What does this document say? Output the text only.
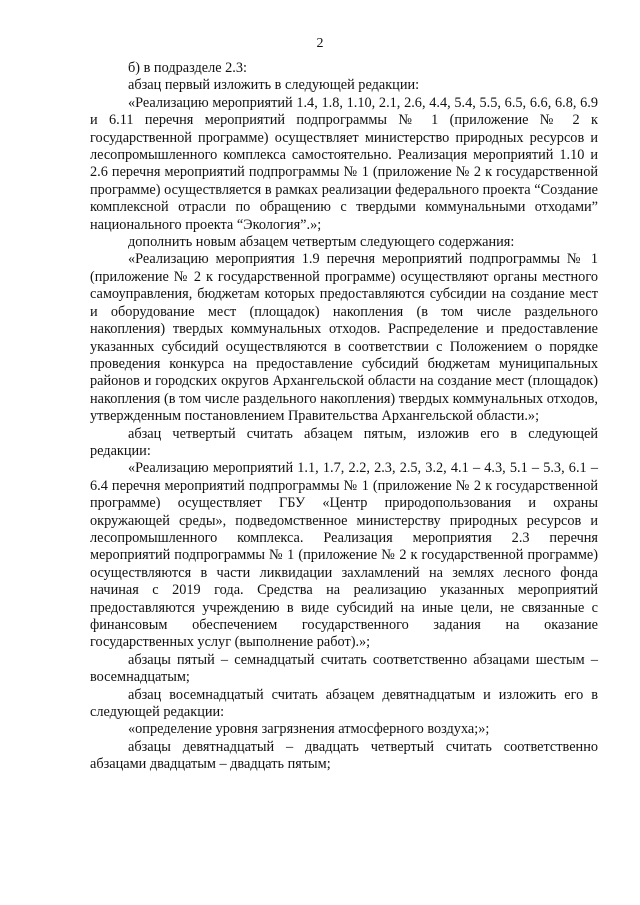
2

б) в подразделе 2.3:

абзац первый изложить в следующей редакции:

«Реализацию мероприятий 1.4, 1.8, 1.10, 2.1, 2.6, 4.4, 5.4, 5.5, 6.5, 6.6, 6.8, 6.9 и 6.11 перечня мероприятий подпрограммы № 1 (приложение № 2 к государственной программе) осуществляет министерство природных ресурсов и лесопромышленного комплекса самостоятельно. Реализация мероприятий 1.10 и 2.6 перечня мероприятий подпрограммы № 1 (приложение № 2 к государственной программе) осуществляется в рамках реализации федерального проекта “Создание комплексной отрасли по обращению с твердыми коммунальными отходами” национального проекта “Экология”.»;

дополнить новым абзацем четвертым следующего содержания:

«Реализацию мероприятия 1.9 перечня мероприятий подпрограммы № 1 (приложение № 2 к государственной программе) осуществляют органы местного самоуправления, бюджетам которых предоставляются субсидии на создание мест и оборудование мест (площадок) накопления (в том числе раздельного накопления) твердых коммунальных отходов. Распределение и предоставление указанных субсидий осуществляются в соответствии с Положением о порядке проведения конкурса на предоставление субсидий бюджетам муниципальных районов и городских округов Архангельской области на создание мест (площадок) накопления (в том числе раздельного накопления) твердых коммунальных отходов, утвержденным постановлением Правительства Архангельской области.»;

абзац четвертый считать абзацем пятым, изложив его в следующей редакции:

«Реализацию мероприятий 1.1, 1.7, 2.2, 2.3, 2.5, 3.2, 4.1 – 4.3, 5.1 – 5.3, 6.1 – 6.4 перечня мероприятий подпрограммы № 1 (приложение № 2 к государственной программе) осуществляет ГБУ «Центр природопользования и охраны окружающей среды», подведомственное министерству природных ресурсов и лесопромышленного комплекса. Реализация мероприятия 2.3 перечня мероприятий подпрограммы № 1 (приложение № 2 к государственной программе) осуществляются в части ликвидации захламлений на землях лесного фонда начиная с 2019 года. Средства на реализацию указанных мероприятий предоставляются учреждению в виде субсидий на иные цели, не связанные с финансовым обеспечением государственного задания на оказание государственных услуг (выполнение работ).»;

абзацы пятый – семнадцатый считать соответственно абзацами шестым – восемнадцатым;

абзац восемнадцатый считать абзацем девятнадцатым и изложить его в следующей редакции:

«определение уровня загрязнения атмосферного воздуха;»;

абзацы девятнадцатый – двадцать четвертый считать соответственно абзацами двадцатым – двадцать пятым;
